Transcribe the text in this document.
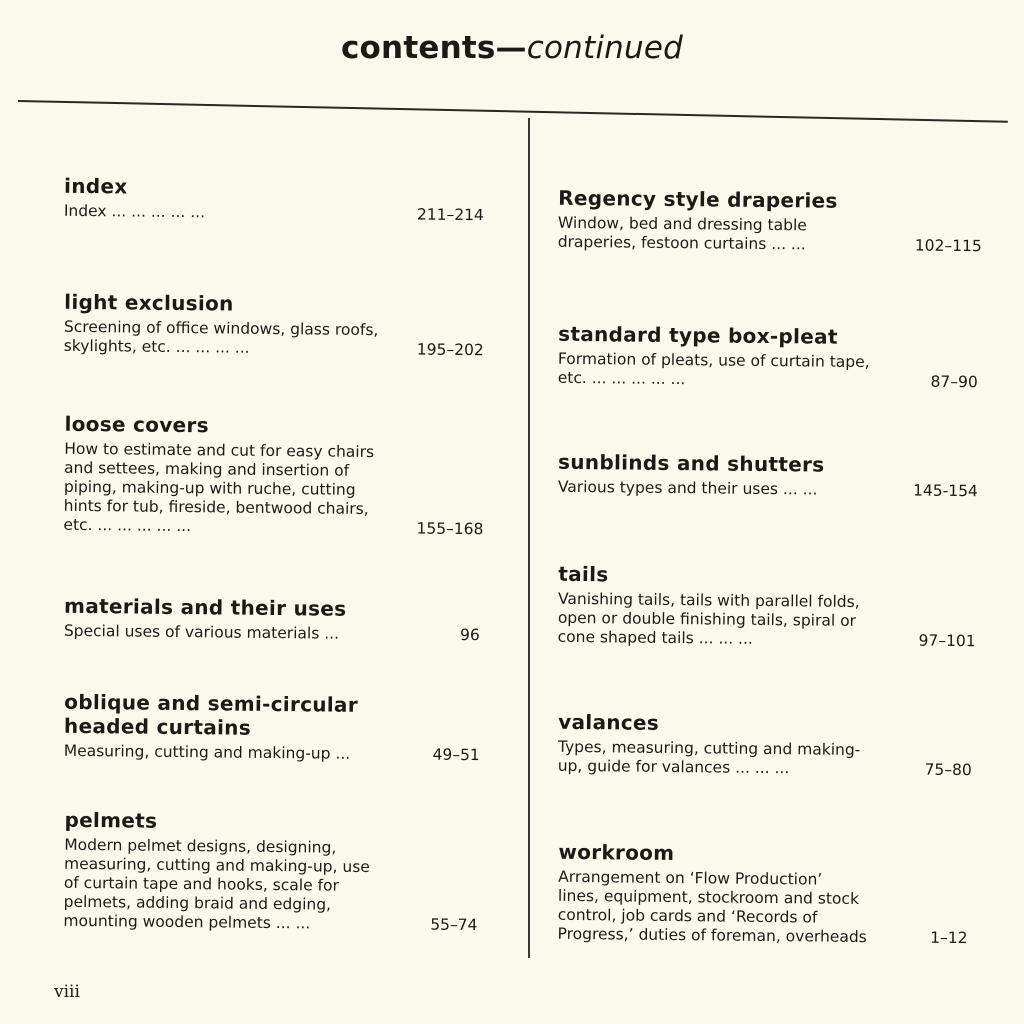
contents—continued
index
Index ... ... ... ... ...	211–214
light exclusion
Screening of office windows, glass roofs,
skylights, etc. ... ... ... ...	195–202
loose covers
How to estimate and cut for easy chairs
and settees, making and insertion of
piping, making-up with ruche, cutting
hints for tub, fireside, bentwood chairs,
etc. ... ... ... ... ...	155–168
materials and their uses
Special uses of various materials ...	96
oblique and semi-circular
headed curtains
Measuring, cutting and making-up ...	49–51
pelmets
Modern pelmet designs, designing,
measuring, cutting and making-up, use
of curtain tape and hooks, scale for
pelmets, adding braid and edging,
mounting wooden pelmets ... ...	55–74
Regency style draperies
Window, bed and dressing table
draperies, festoon curtains ... ...	102–115
standard type box-pleat
Formation of pleats, use of curtain tape,
etc. ... ... ... ... ...	87–90
sunblinds and shutters
Various types and their uses ... ...	145-154
tails
Vanishing tails, tails with parallel folds,
open or double finishing tails, spiral or
cone shaped tails ... ... ...	97–101
valances
Types, measuring, cutting and making-
up, guide for valances ... ... ...	75–80
workroom
Arrangement on ‘Flow Production’
lines, equipment, stockroom and stock
control, job cards and ‘Records of
Progress,’ duties of foreman, overheads	1–12
viii
